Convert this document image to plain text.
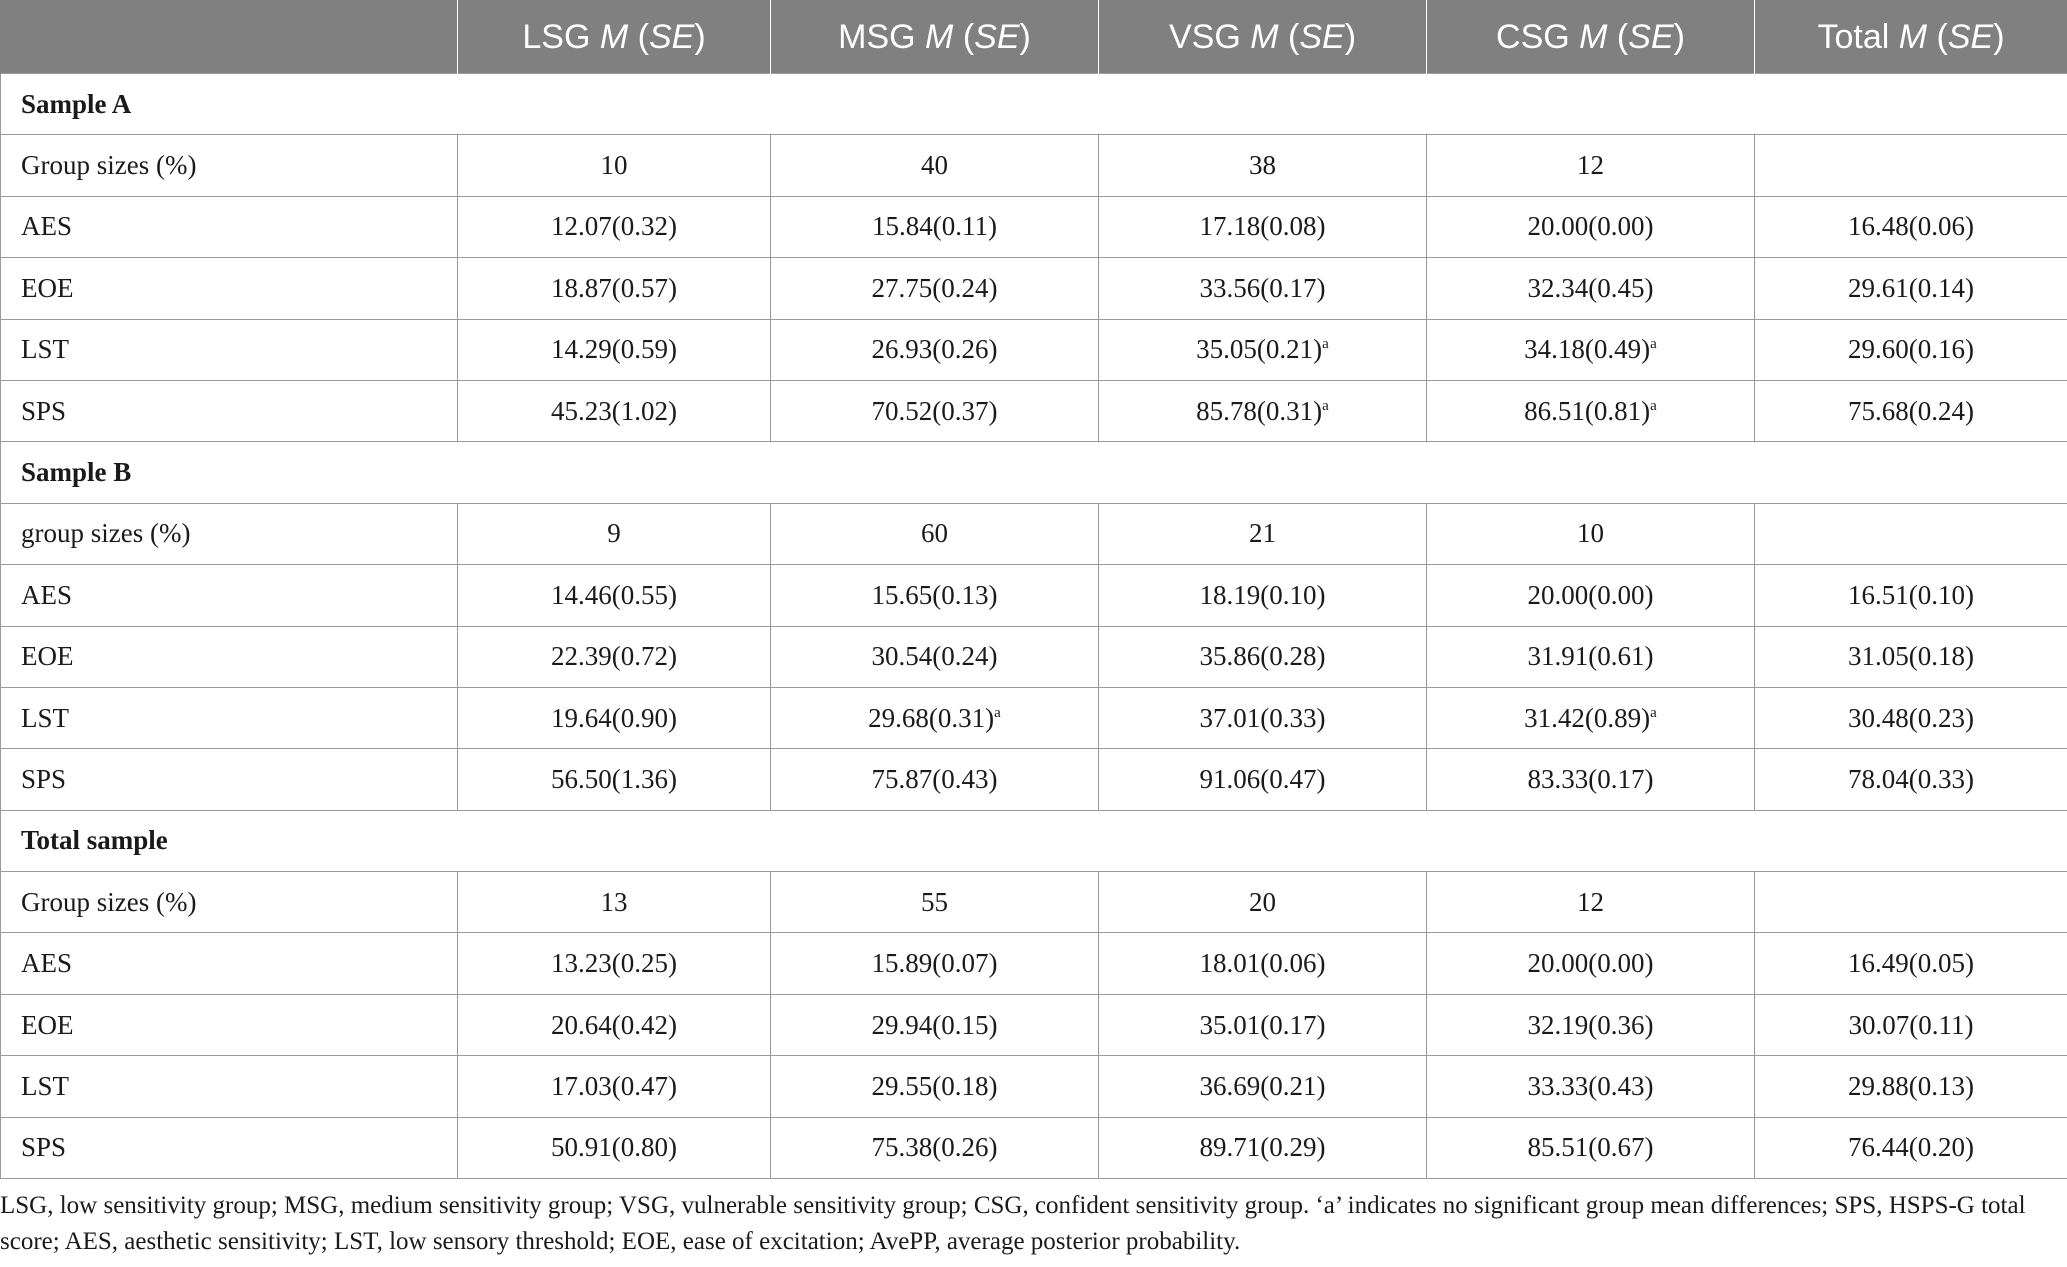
	LSG M (SE)	MSG M (SE)	VSG M (SE)	CSG M (SE)	Total M (SE)
Sample A					
Group sizes (%)	10	40	38	12	
AES	12.07(0.32)	15.84(0.11)	17.18(0.08)	20.00(0.00)	16.48(0.06)
EOE	18.87(0.57)	27.75(0.24)	33.56(0.17)	32.34(0.45)	29.61(0.14)
LST	14.29(0.59)	26.93(0.26)	35.05(0.21)$^a$	34.18(0.49)$^a$	29.60(0.16)
SPS	45.23(1.02)	70.52(0.37)	85.78(0.31)$^a$	86.51(0.81)$^a$	75.68(0.24)
Sample B					
group sizes (%)	9	60	21	10	
AES	14.46(0.55)	15.65(0.13)	18.19(0.10)	20.00(0.00)	16.51(0.10)
EOE	22.39(0.72)	30.54(0.24)	35.86(0.28)	31.91(0.61)	31.05(0.18)
LST	19.64(0.90)	29.68(0.31)$^a$	37.01(0.33)	31.42(0.89)$^a$	30.48(0.23)
SPS	56.50(1.36)	75.87(0.43)	91.06(0.47)	83.33(0.17)	78.04(0.33)
Total sample					
Group sizes (%)	13	55	20	12	
AES	13.23(0.25)	15.89(0.07)	18.01(0.06)	20.00(0.00)	16.49(0.05)
EOE	20.64(0.42)	29.94(0.15)	35.01(0.17)	32.19(0.36)	30.07(0.11)
LST	17.03(0.47)	29.55(0.18)	36.69(0.21)	33.33(0.43)	29.88(0.13)
SPS	50.91(0.80)	75.38(0.26)	89.71(0.29)	85.51(0.67)	76.44(0.20)
LSG, low sensitivity group; MSG, medium sensitivity group; VSG, vulnerable sensitivity group; CSG, confident sensitivity group. ‘a’ indicates no significant group mean differences; SPS, HSPS-G total score; AES, aesthetic sensitivity; LST, low sensory threshold; EOE, ease of excitation; AvePP, average posterior probability.
